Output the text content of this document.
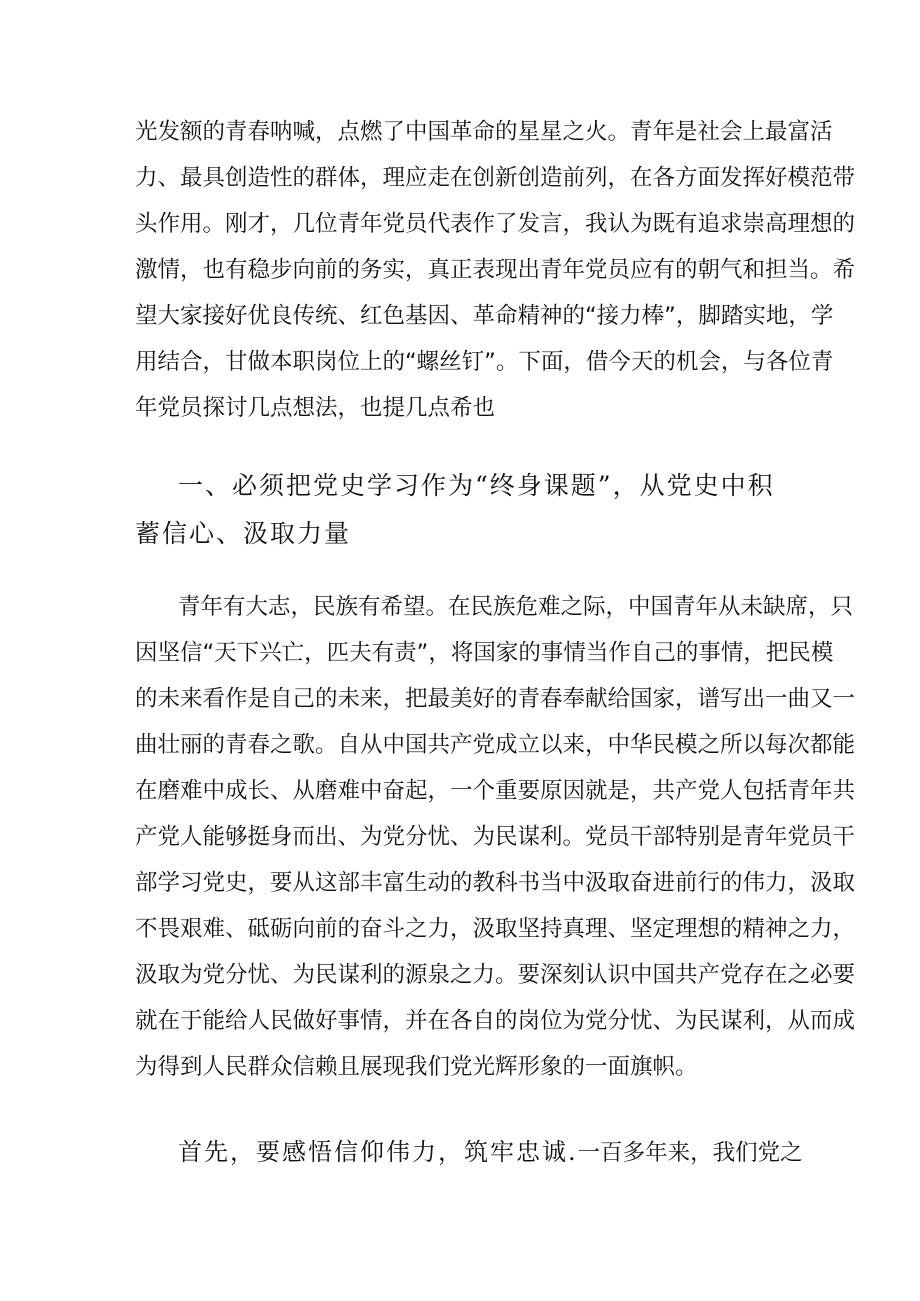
光发额的青春呐喊，点燃了中国革命的星星之火。青年是社会上最富活
力、最具创造性的群体，理应走在创新创造前列，在各方面发挥好模范带
头作用。刚才，几位青年党员代表作了发言，我认为既有追求崇高理想的
激情，也有稳步向前的务实，真正表现出青年党员应有的朝气和担当。希
望大家接好优良传统、红色基因、革命精神的“接力棒”，脚踏实地，学
用结合，甘做本职岗位上的“螺丝钉”。下面，借今天的机会，与各位青
年党员探讨几点想法，也提几点希也
一、必须把党史学习作为“终身课题”，从党史中积
蓄信心、汲取力量
青年有大志，民族有希望。在民族危难之际，中国青年从未缺席，只
因坚信“天下兴亡，匹夫有责”，将国家的事情当作自己的事情，把民模
的未来看作是自己的未来，把最美好的青春奉献给国家，谱写出一曲又一
曲壮丽的青春之歌。自从中国共产党成立以来，中华民模之所以每次都能
在磨难中成长、从磨难中奋起，一个重要原因就是，共产党人包括青年共
产党人能够挺身而出、为党分忧、为民谋利。党员干部特别是青年党员干
部学习党史，要从这部丰富生动的教科书当中汲取奋进前行的伟力，汲取
不畏艰难、砥砺向前的奋斗之力，汲取坚持真理、坚定理想的精神之力，
汲取为党分忧、为民谋利的源泉之力。要深刻认识中国共产党存在之必要
就在于能给人民做好事情，并在各自的岗位为党分忧、为民谋利，从而成
为得到人民群众信赖且展现我们党光辉形象的一面旗帜。
首先，要感悟信仰伟力，筑牢忠诚.一百多年来，我们党之
